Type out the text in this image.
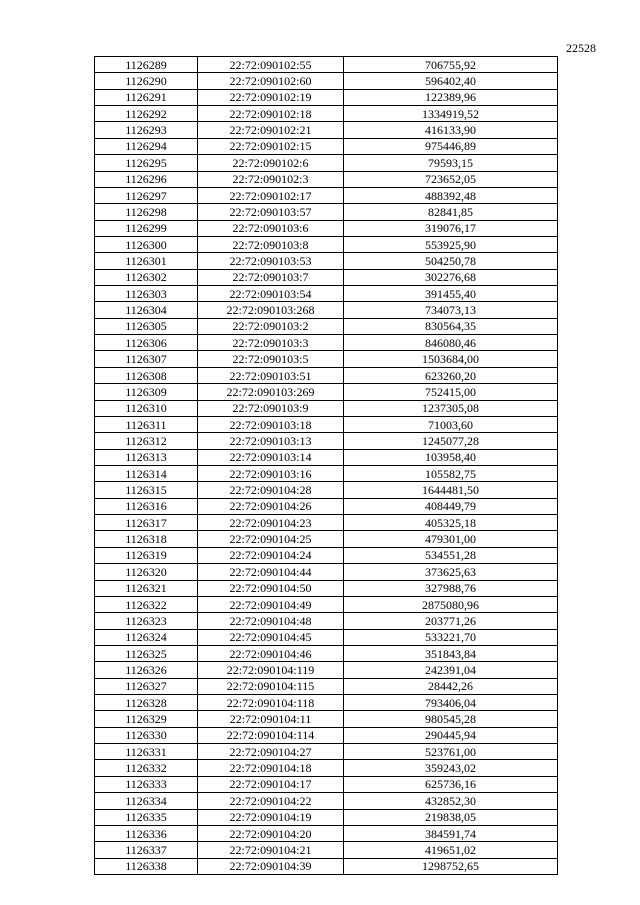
22528
1126289	22:72:090102:55	706755,92
1126290	22:72:090102:60	596402,40
1126291	22:72:090102:19	122389,96
1126292	22:72:090102:18	1334919,52
1126293	22:72:090102:21	416133,90
1126294	22:72:090102:15	975446,89
1126295	22:72:090102:6	79593,15
1126296	22:72:090102:3	723652,05
1126297	22:72:090102:17	488392,48
1126298	22:72:090103:57	82841,85
1126299	22:72:090103:6	319076,17
1126300	22:72:090103:8	553925,90
1126301	22:72:090103:53	504250,78
1126302	22:72:090103:7	302276,68
1126303	22:72:090103:54	391455,40
1126304	22:72:090103:268	734073,13
1126305	22:72:090103:2	830564,35
1126306	22:72:090103:3	846080,46
1126307	22:72:090103:5	1503684,00
1126308	22:72:090103:51	623260,20
1126309	22:72:090103:269	752415,00
1126310	22:72:090103:9	1237305,08
1126311	22:72:090103:18	71003,60
1126312	22:72:090103:13	1245077,28
1126313	22:72:090103:14	103958,40
1126314	22:72:090103:16	105582,75
1126315	22:72:090104:28	1644481,50
1126316	22:72:090104:26	408449,79
1126317	22:72:090104:23	405325,18
1126318	22:72:090104:25	479301,00
1126319	22:72:090104:24	534551,28
1126320	22:72:090104:44	373625,63
1126321	22:72:090104:50	327988,76
1126322	22:72:090104:49	2875080,96
1126323	22:72:090104:48	203771,26
1126324	22:72:090104:45	533221,70
1126325	22:72:090104:46	351843,84
1126326	22:72:090104:119	242391,04
1126327	22:72:090104:115	28442,26
1126328	22:72:090104:118	793406,04
1126329	22:72:090104:11	980545,28
1126330	22:72:090104:114	290445,94
1126331	22:72:090104:27	523761,00
1126332	22:72:090104:18	359243,02
1126333	22:72:090104:17	625736,16
1126334	22:72:090104:22	432852,30
1126335	22:72:090104:19	219838,05
1126336	22:72:090104:20	384591,74
1126337	22:72:090104:21	419651,02
1126338	22:72:090104:39	1298752,65
